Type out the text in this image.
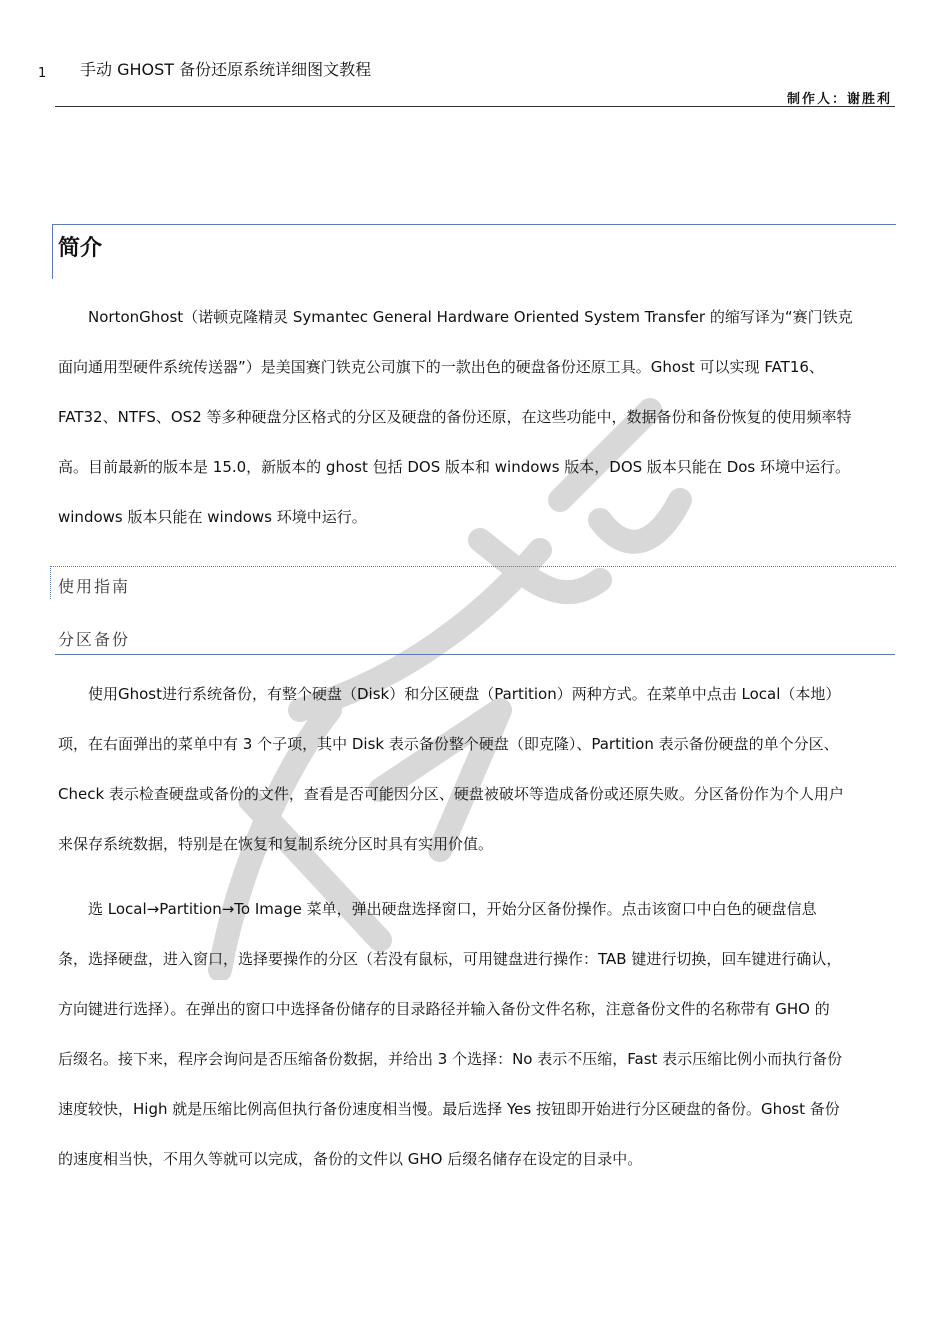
1 手动 GHOST 备份还原系统详细图文教程
制作人：谢胜利
简介
　　NortonGhost（诺顿克隆精灵 Symantec General Hardware Oriented System Transfer 的缩写译为“赛门铁克
面向通用型硬件系统传送器”）是美国赛门铁克公司旗下的一款出色的硬盘备份还原工具。Ghost 可以实现 FAT16、
FAT32、NTFS、OS2 等多种硬盘分区格式的分区及硬盘的备份还原，在这些功能中，数据备份和备份恢复的使用频率特
高。目前最新的版本是 15.0，新版本的 ghost 包括 DOS 版本和 windows 版本，DOS 版本只能在 Dos 环境中运行。
windows 版本只能在 windows 环境中运行。
使用指南
分区备份
　　使用Ghost进行系统备份，有整个硬盘（Disk）和分区硬盘（Partition）两种方式。在菜单中点击 Local（本地）
项，在右面弹出的菜单中有 3 个子项，其中 Disk 表示备份整个硬盘（即克隆）、Partition 表示备份硬盘的单个分区、
Check 表示检查硬盘或备份的文件，查看是否可能因分区、硬盘被破坏等造成备份或还原失败。分区备份作为个人用户
来保存系统数据，特别是在恢复和复制系统分区时具有实用价值。
　　选 Local→Partition→To Image 菜单，弹出硬盘选择窗口，开始分区备份操作。点击该窗口中白色的硬盘信息
条，选择硬盘，进入窗口，选择要操作的分区（若没有鼠标，可用键盘进行操作：TAB 键进行切换，回车键进行确认，
方向键进行选择）。在弹出的窗口中选择备份储存的目录路径并输入备份文件名称，注意备份文件的名称带有 GHO 的
后缀名。接下来，程序会询问是否压缩备份数据，并给出 3 个选择：No 表示不压缩，Fast 表示压缩比例小而执行备份
速度较快，High 就是压缩比例高但执行备份速度相当慢。最后选择 Yes 按钮即开始进行分区硬盘的备份。Ghost 备份
的速度相当快，不用久等就可以完成，备份的文件以 GHO 后缀名储存在设定的目录中。
